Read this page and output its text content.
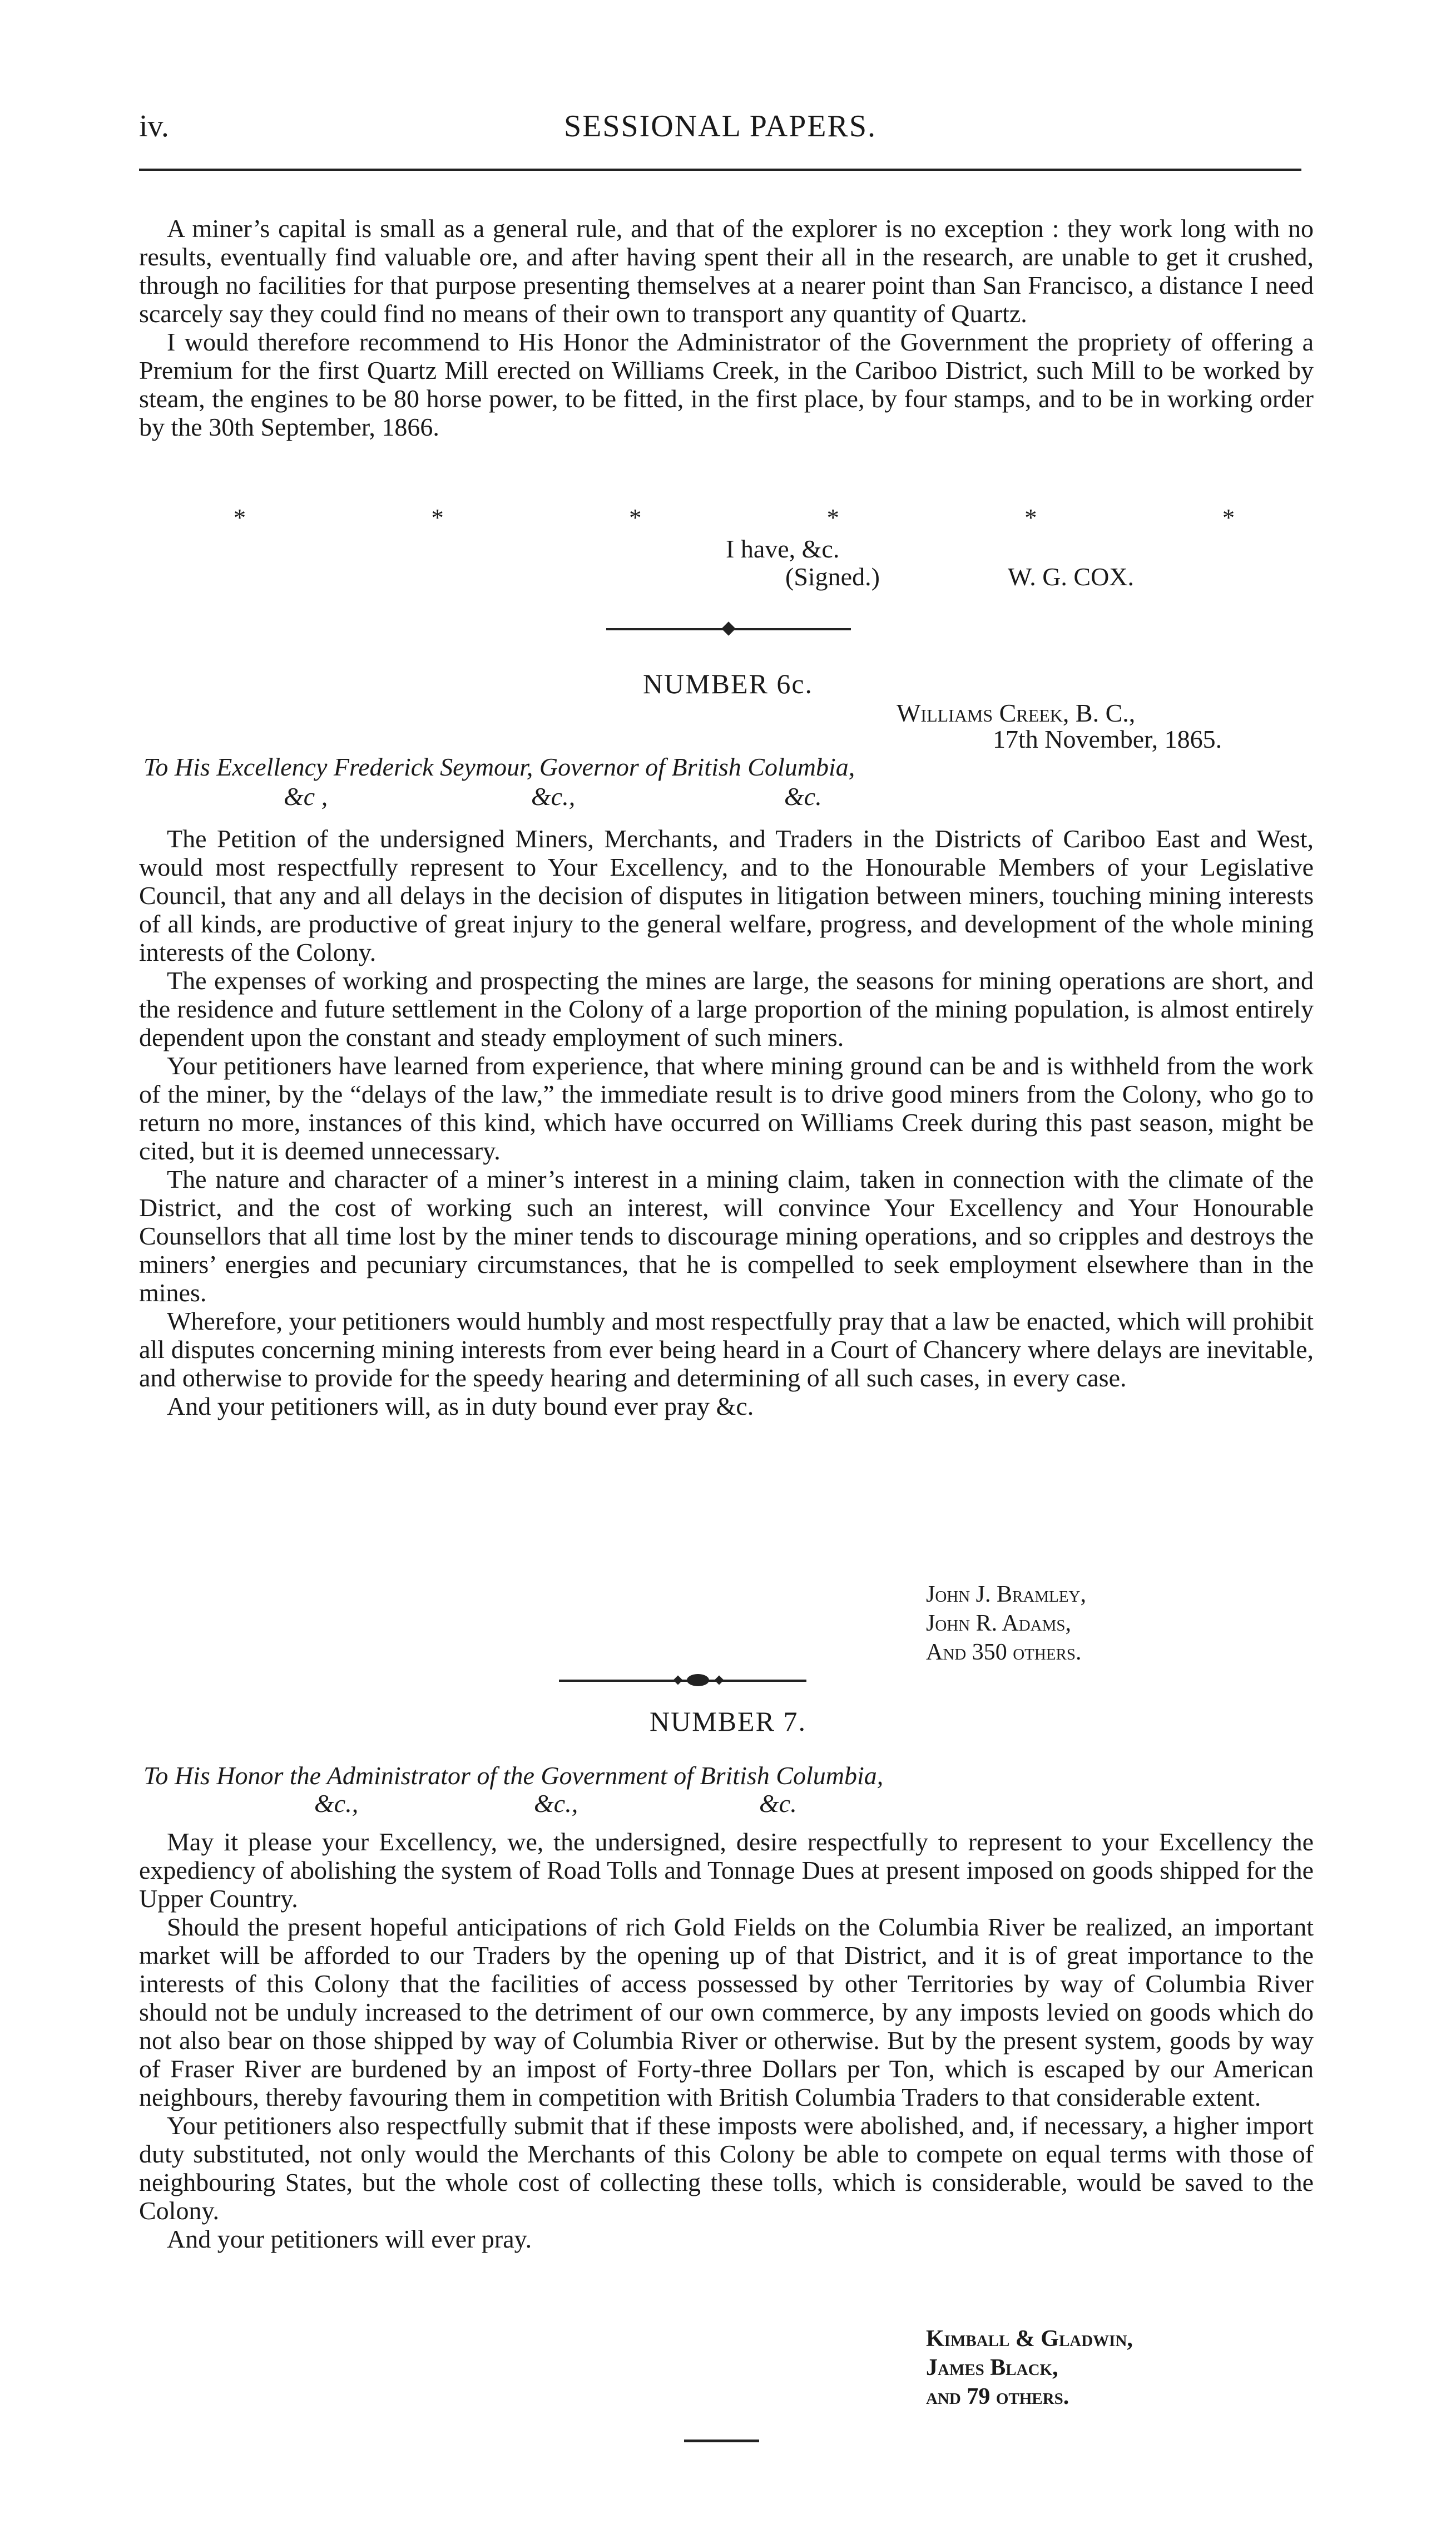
iv.	SESSIONAL PAPERS.

A miner’s capital is small as a general rule, and that of the explorer is no exception : they work long with no results, eventually find valuable ore, and after having spent their all in the research, are unable to get it crushed, through no facilities for that purpose presenting themselves at a nearer point than San Francisco, a distance I need scarcely say they could find no means of their own to transport any quantity of Quartz.

I would therefore recommend to His Honor the Administrator of the Government the propriety of offering a Premium for the first Quartz Mill erected on Williams Creek, in the Cariboo District, such Mill to be worked by steam, the engines to be 80 horse power, to be fitted, in the first place, by four stamps, and to be in working order by the 30th September, 1866.

*	*	*	*	*	*
I have, &c.
(Signed.)	W. G. COX.
NUMBER 6c.
Williams Creek, B. C.,
17th November, 1865.
To His Excellency Frederick Seymour, Governor of British Columbia,
&c ,	&c.,	&c.

The Petition of the undersigned Miners, Merchants, and Traders in the Districts of Cariboo East and West, would most respectfully represent to Your Excellency, and to the Honourable Members of your Legislative Council, that any and all delays in the decision of disputes in litigation between miners, touching mining interests of all kinds, are productive of great injury to the general welfare, progress, and development of the whole mining interests of the Colony.

The expenses of working and prospecting the mines are large, the seasons for mining operations are short, and the residence and future settlement in the Colony of a large proportion of the mining population, is almost entirely dependent upon the constant and steady employment of such miners.

Your petitioners have learned from experience, that where mining ground can be and is withheld from the work of the miner, by the “delays of the law,” the immediate result is to drive good miners from the Colony, who go to return no more, instances of this kind, which have occurred on Williams Creek during this past season, might be cited, but it is deemed unnecessary.

The nature and character of a miner’s interest in a mining claim, taken in connection with the climate of the District, and the cost of working such an interest, will convince Your Excellency and Your Honourable Counsellors that all time lost by the miner tends to discourage mining operations, and so cripples and destroys the miners’ energies and pecuniary circumstances, that he is compelled to seek employment elsewhere than in the mines.

Wherefore, your petitioners would humbly and most respectfully pray that a law be enacted, which will prohibit all disputes concerning mining interests from ever being heard in a Court of Chancery where delays are inevitable, and otherwise to provide for the speedy hearing and determining of all such cases, in every case.

And your petitioners will, as in duty bound ever pray &c.

John J. Bramley,
John R. Adams,
And 350 others.
NUMBER 7.
To His Honor the Administrator of the Government of British Columbia,
&c.,	&c.,	&c.

May it please your Excellency, we, the undersigned, desire respectfully to represent to your Excellency the expediency of abolishing the system of Road Tolls and Tonnage Dues at present imposed on goods shipped for the Upper Country.

Should the present hopeful anticipations of rich Gold Fields on the Columbia River be realized, an important market will be afforded to our Traders by the opening up of that District, and it is of great importance to the interests of this Colony that the facilities of access possessed by other Territories by way of Columbia River should not be unduly increased to the detriment of our own commerce, by any imposts levied on goods which do not also bear on those shipped by way of Columbia River or otherwise. But by the present system, goods by way of Fraser River are burdened by an impost of Forty-three Dollars per Ton, which is escaped by our American neighbours, thereby favouring them in competition with British Columbia Traders to that considerable extent.

Your petitioners also respectfully submit that if these imposts were abolished, and, if necessary, a higher import duty substituted, not only would the Merchants of this Colony be able to compete on equal terms with those of neighbouring States, but the whole cost of collecting these tolls, which is considerable, would be saved to the Colony.

And your petitioners will ever pray.

Kimball & Gladwin,
James Black,
and 79 others.
